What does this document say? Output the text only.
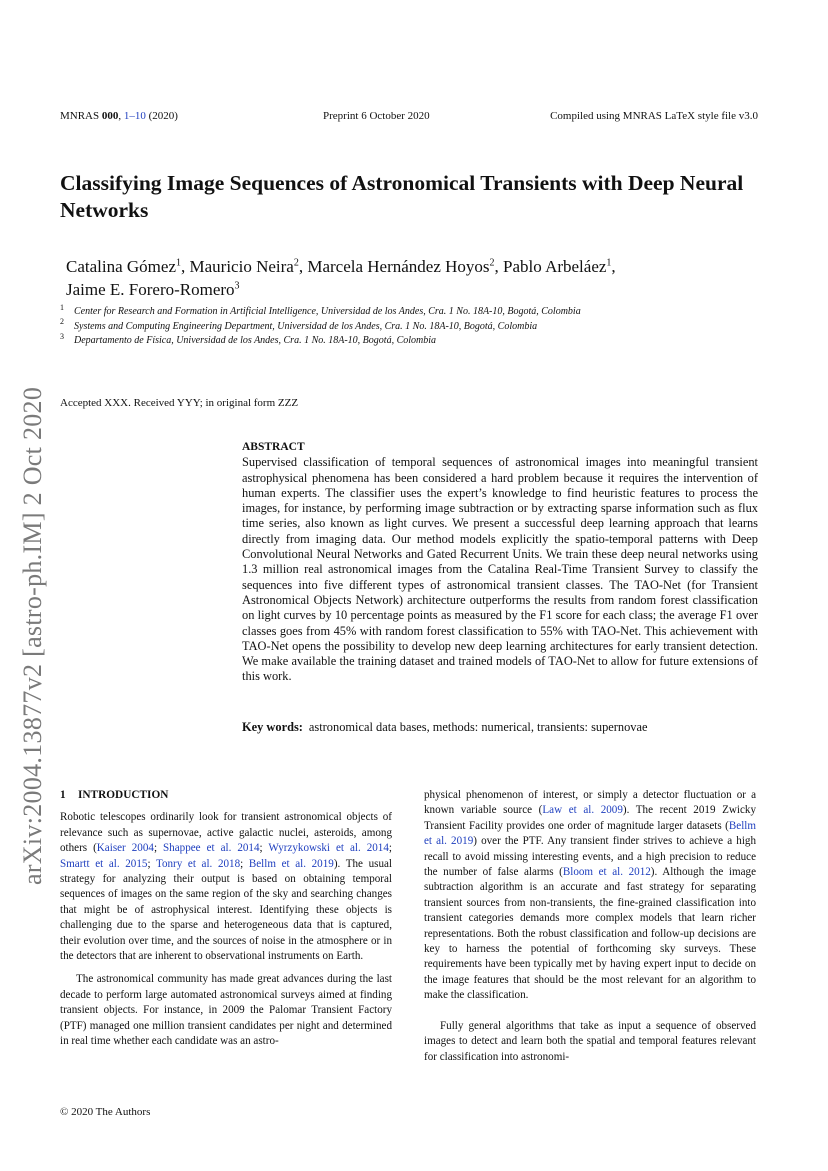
MNRAS 000, 1–10 (2020)	Preprint 6 October 2020	Compiled using MNRAS LaTeX style file v3.0
arXiv:2004.13877v2 [astro-ph.IM] 2 Oct 2020
Classifying Image Sequences of Astronomical Transients with Deep Neural Networks
Catalina Gómez$^1$, Mauricio Neira$^2$, Marcela Hernández Hoyos$^2$, Pablo Arbeláez$^1$,
Jaime E. Forero-Romero$^3$
1 Center for Research and Formation in Artificial Intelligence, Universidad de los Andes, Cra. 1 No. 18A-10, Bogotá, Colombia
2 Systems and Computing Engineering Department, Universidad de los Andes, Cra. 1 No. 18A-10, Bogotá, Colombia
3 Departamento de Física, Universidad de los Andes, Cra. 1 No. 18A-10, Bogotá, Colombia
Accepted XXX. Received YYY; in original form ZZZ
ABSTRACT
Supervised classification of temporal sequences of astronomical images into meaningful transient astrophysical phenomena has been considered a hard problem because it requires the intervention of human experts. The classifier uses the expert’s knowledge to find heuristic features to process the images, for instance, by performing image subtraction or by extracting sparse information such as flux time series, also known as light curves. We present a successful deep learning approach that learns directly from imaging data. Our method models explicitly the spatio-temporal patterns with Deep Convolutional Neural Networks and Gated Recurrent Units. We train these deep neural networks using 1.3 million real astronomical images from the Catalina Real-Time Transient Survey to classify the sequences into five different types of astronomical transient classes. The TAO-Net (for Transient Astronomical Objects Network) architecture outperforms the results from random forest classification on light curves by 10 percentage points as measured by the F1 score for each class; the average F1 over classes goes from 45% with random forest classification to 55% with TAO-Net. This achievement with TAO-Net opens the possibility to develop new deep learning architectures for early transient detection. We make available the training dataset and trained models of TAO-Net to allow for future extensions of this work.
Key words: astronomical data bases, methods: numerical, transients: supernovae
1 INTRODUCTION

Robotic telescopes ordinarily look for transient astronomical objects of relevance such as supernovae, active galactic nuclei, asteroids, among others (Kaiser 2004; Shappee et al. 2014; Wyrzykowski et al. 2014; Smartt et al. 2015; Tonry et al. 2018; Bellm et al. 2019). The usual strategy for analyzing their output is based on obtaining temporal sequences of images on the same region of the sky and searching changes that might be of astrophysical interest. Identifying these objects is challenging due to the sparse and heterogeneous data that is captured, their evolution over time, and the sources of noise in the atmosphere or in the detectors that are inherent to observational instruments on Earth.

The astronomical community has made great advances during the last decade to perform large automated astronomical surveys aimed at finding transient objects. For instance, in 2009 the Palomar Transient Factory (PTF) managed one million transient candidates per night and determined in real time whether each candidate was an astro-

physical phenomenon of interest, or simply a detector fluctuation or a known variable source (Law et al. 2009). The recent 2019 Zwicky Transient Facility provides one order of magnitude larger datasets (Bellm et al. 2019) over the PTF. Any transient finder strives to achieve a high recall to avoid missing interesting events, and a high precision to reduce the number of false alarms (Bloom et al. 2012). Although the image subtraction algorithm is an accurate and fast strategy for separating transient sources from non-transients, the fine-grained classification into transient categories demands more complex models that learn richer representations. Both the robust classification and follow-up decisions are key to harness the potential of forthcoming sky surveys. These requirements have been typically met by having expert input to decide on the image features that should be the most relevant for an algorithm to make the classification.

Fully general algorithms that take as input a sequence of observed images to detect and learn both the spatial and temporal features relevant for classification into astronomi-

© 2020 The Authors
